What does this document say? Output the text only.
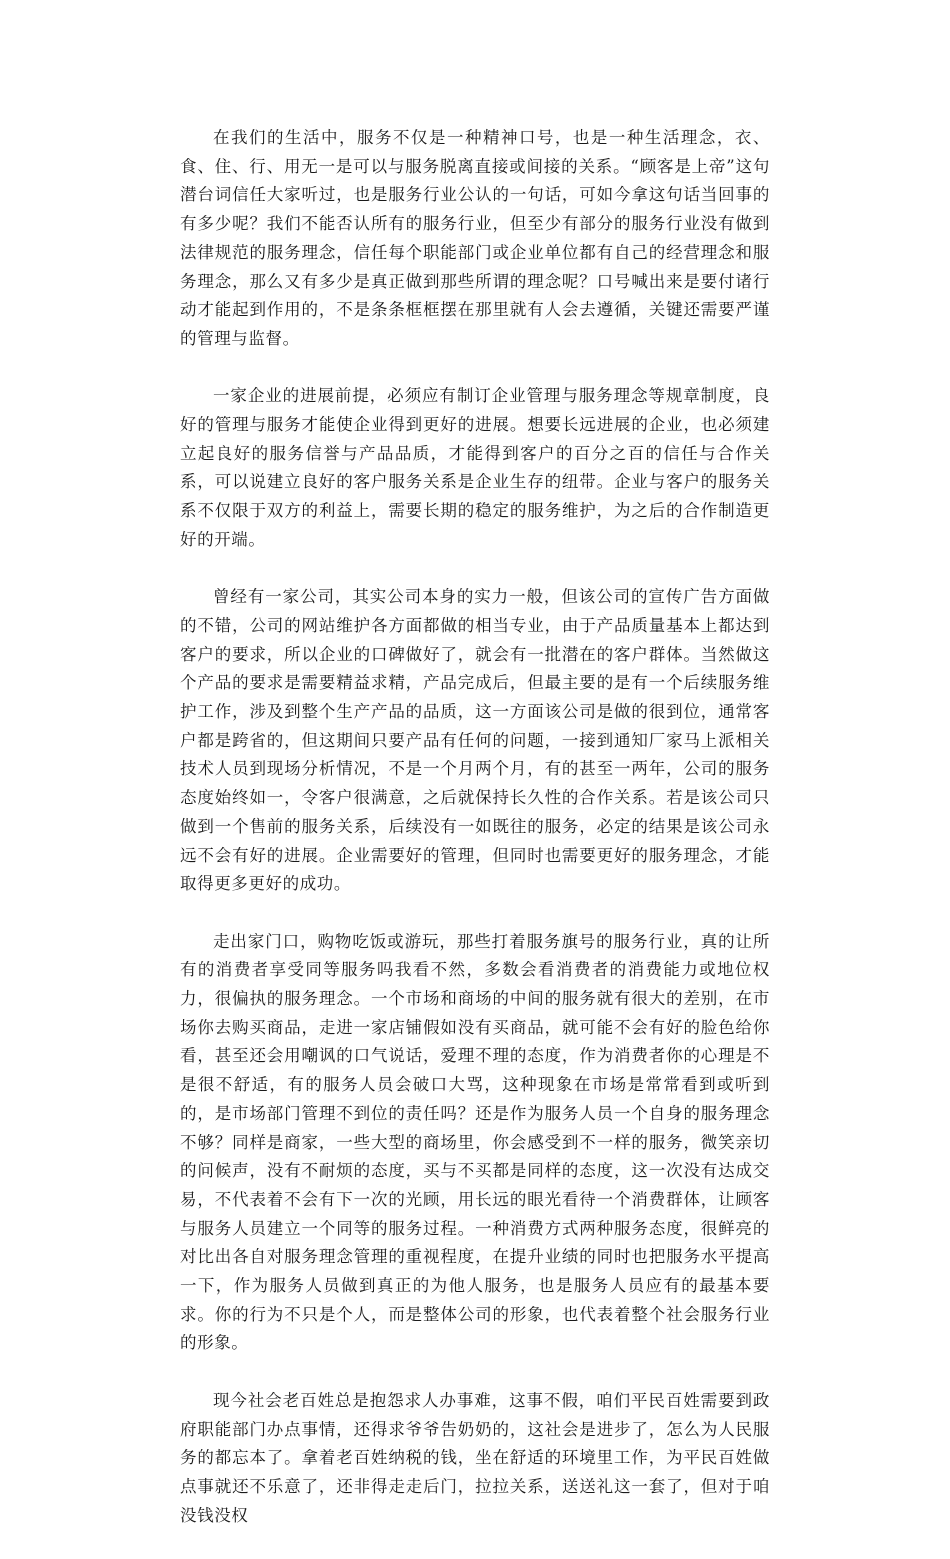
在我们的生活中，服务不仅是一种精神口号，也是一种生活理念，衣、食、住、行、用无一是可以与服务脱离直接或间接的关系。“顾客是上帝”这句潜台词信任大家听过，也是服务行业公认的一句话，可如今拿这句话当回事的有多少呢？我们不能否认所有的服务行业，但至少有部分的服务行业没有做到法律规范的服务理念，信任每个职能部门或企业单位都有自己的经营理念和服务理念，那么又有多少是真正做到那些所谓的理念呢？口号喊出来是要付诸行动才能起到作用的，不是条条框框摆在那里就有人会去遵循，关键还需要严谨的管理与监督。

一家企业的进展前提，必须应有制订企业管理与服务理念等规章制度，良好的管理与服务才能使企业得到更好的进展。想要长远进展的企业，也必须建立起良好的服务信誉与产品品质，才能得到客户的百分之百的信任与合作关系，可以说建立良好的客户服务关系是企业生存的纽带。企业与客户的服务关系不仅限于双方的利益上，需要长期的稳定的服务维护，为之后的合作制造更好的开端。

曾经有一家公司，其实公司本身的实力一般，但该公司的宣传广告方面做的不错，公司的网站维护各方面都做的相当专业，由于产品质量基本上都达到客户的要求，所以企业的口碑做好了，就会有一批潜在的客户群体。当然做这个产品的要求是需要精益求精，产品完成后，但最主要的是有一个后续服务维护工作，涉及到整个生产产品的品质，这一方面该公司是做的很到位，通常客户都是跨省的，但这期间只要产品有任何的问题，一接到通知厂家马上派相关技术人员到现场分析情况，不是一个月两个月，有的甚至一两年，公司的服务态度始终如一，令客户很满意，之后就保持长久性的合作关系。若是该公司只做到一个售前的服务关系，后续没有一如既往的服务，必定的结果是该公司永远不会有好的进展。企业需要好的管理，但同时也需要更好的服务理念，才能取得更多更好的成功。

走出家门口，购物吃饭或游玩，那些打着服务旗号的服务行业，真的让所有的消费者享受同等服务吗我看不然，多数会看消费者的消费能力或地位权力，很偏执的服务理念。一个市场和商场的中间的服务就有很大的差别，在市场你去购买商品，走进一家店铺假如没有买商品，就可能不会有好的脸色给你看，甚至还会用嘲讽的口气说话，爱理不理的态度，作为消费者你的心理是不是很不舒适，有的服务人员会破口大骂，这种现象在市场是常常看到或听到的，是市场部门管理不到位的责任吗？还是作为服务人员一个自身的服务理念不够？同样是商家，一些大型的商场里，你会感受到不一样的服务，微笑亲切的问候声，没有不耐烦的态度，买与不买都是同样的态度，这一次没有达成交易，不代表着不会有下一次的光顾，用长远的眼光看待一个消费群体，让顾客与服务人员建立一个同等的服务过程。一种消费方式两种服务态度，很鲜亮的对比出各自对服务理念管理的重视程度，在提升业绩的同时也把服务水平提高一下，作为服务人员做到真正的为他人服务，也是服务人员应有的最基本要求。你的行为不只是个人，而是整体公司的形象，也代表着整个社会服务行业的形象。

现今社会老百姓总是抱怨求人办事难，这事不假，咱们平民百姓需要到政府职能部门办点事情，还得求爷爷告奶奶的，这社会是进步了，怎么为人民服务的都忘本了。拿着老百姓纳税的钱，坐在舒适的环境里工作，为平民百姓做点事就还不乐意了，还非得走走后门，拉拉关系，送送礼这一套了，但对于咱没钱没权
